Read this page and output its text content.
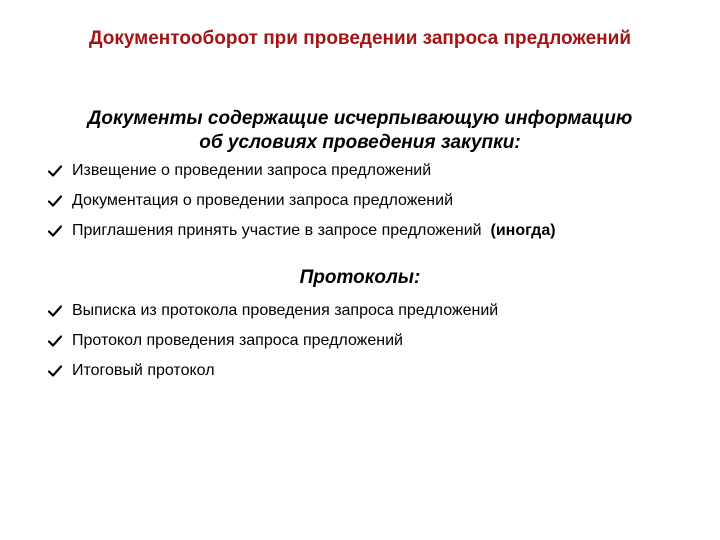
Документооборот при проведении запроса предложений
Документы содержащие исчерпывающую информацию
об условиях проведения закупки:
Извещение о проведении запроса предложений
Документация о проведении запроса предложений
Приглашения принять участие в запросе предложений  (иногда)
Протоколы:
Выписка из протокола проведения запроса предложений
Протокол проведения запроса предложений
Итоговый протокол
